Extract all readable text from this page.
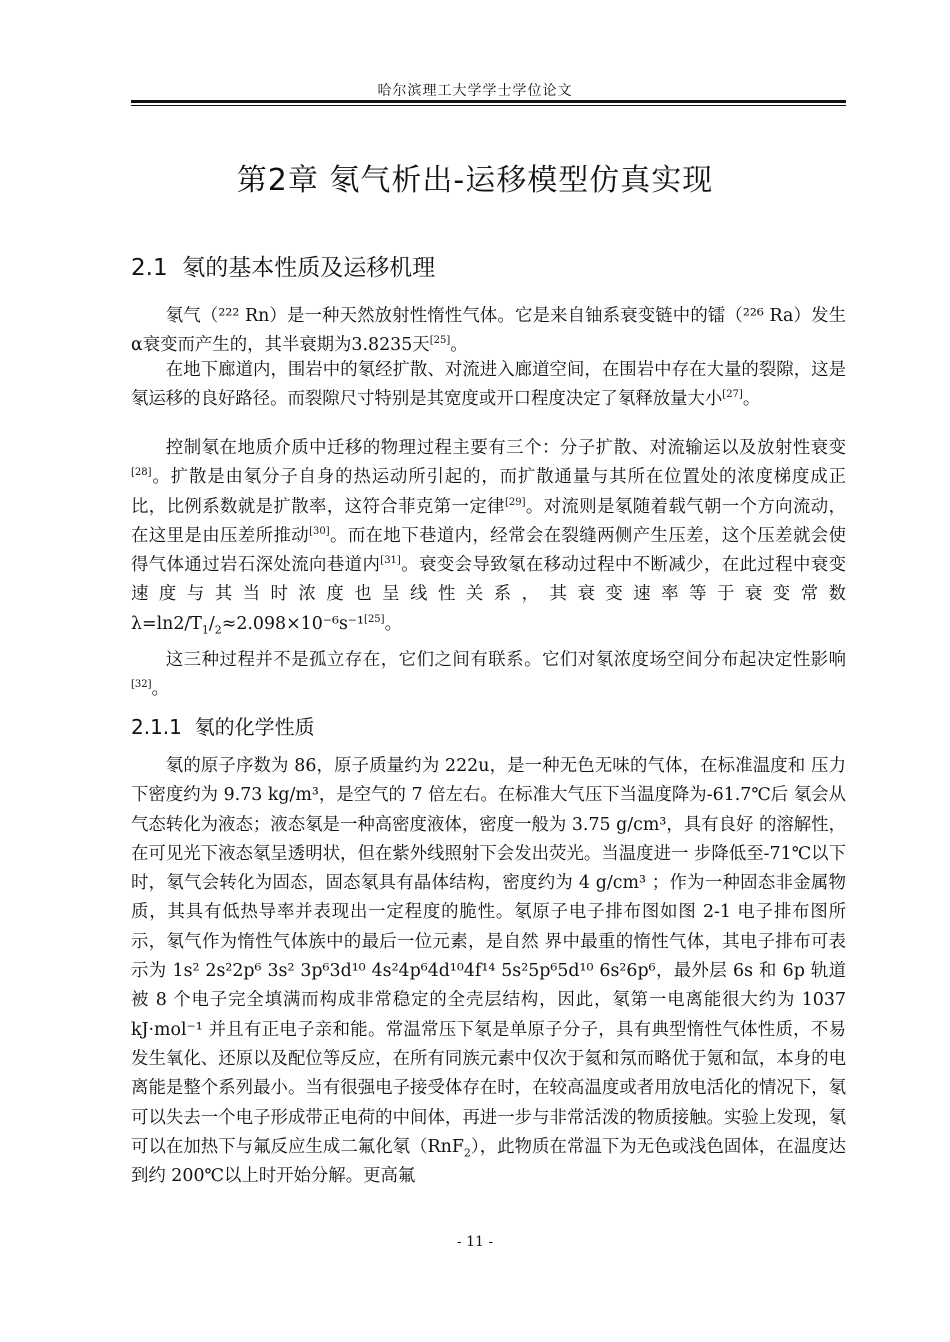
哈尔滨理工大学学士学位论文
第2章 氡气析出-运移模型仿真实现
2.1 氡的基本性质及运移机理

氡气（²²² Rn）是一种天然放射性惰性气体。它是来自铀系衰变链中的镭（²²⁶ Ra）发生α衰变而产生的，其半衰期为3.8235天[25]。

在地下廊道内，围岩中的氡经扩散、对流进入廊道空间，在围岩中存在大量的裂隙，这是氡运移的良好路径。而裂隙尺寸特别是其宽度或开口程度决定了氡释放量大小[27]。

控制氡在地质介质中迁移的物理过程主要有三个：分子扩散、对流输运以及放射性衰变[28]。扩散是由氡分子自身的热运动所引起的，而扩散通量与其所在位置处的浓度梯度成正比，比例系数就是扩散率，这符合菲克第一定律[29]。对流则是氡随着载气朝一个方向流动，在这里是由压差所推动[30]。而在地下巷道内，经常会在裂缝两侧产生压差，这个压差就会使得气体通过岩石深处流向巷道内[31]。衰变会导致氡在移动过程中不断减少，在此过程中衰变速度与其当时浓度也呈线性关系，其衰变速率等于衰变常数 $\lambda=\ln 2/T_1/_2\approx 2.098\times 10^{-6}s^{-1}[25]$。

这三种过程并不是孤立存在，它们之间有联系。它们对氡浓度场空间分布起决定性影响[32]。

2.1.1 氡的化学性质

氡的原子序数为 86，原子质量约为 222u，是一种无色无味的气体，在标准温度和 压力下密度约为 9.73 kg/m³，是空气的 7 倍左右。在标准大气压下当温度降为-61.7℃后 氡会从气态转化为液态；液态氡是一种高密度液体，密度一般为 3.75 g/cm³，具有良好 的溶解性，在可见光下液态氡呈透明状，但在紫外线照射下会发出荧光。当温度进一 步降低至-71℃以下时，氡气会转化为固态，固态氡具有晶体结构，密度约为 4 g/cm³ ；作为一种固态非金属物质，其具有低热导率并表现出一定程度的脆性。氡原子电子排布图如图 2-1 电子排布图所示，氡气作为惰性气体族中的最后一位元素，是自然 界中最重的惰性气体，其电子排布可表示为 1s² 2s²2p⁶ 3s² 3p⁶3d¹⁰ 4s²4p⁶4d¹⁰4f¹⁴ 5s²5p⁶5d¹⁰ 6s²6p⁶，最外层 6s 和 6p 轨道被 8 个电子完全填满而构成非常稳定的全壳层结构，因此，氡第一电离能很大约为 1037 kJ·mol⁻¹ 并且有正电子亲和能。常温常压下氡是单原子分子，具有典型惰性气体性质，不易发生氧化、还原以及配位等反应，在所有同族元素中仅次于氦和氖而略优于氪和氙，本身的电离能是整个系列最小。当有很强电子接受体存在时，在较高温度或者用放电活化的情况下，氡可以失去一个电子形成带正电荷的中间体，再进一步与非常活泼的物质接触。实验上发现，氡可以在加热下与氟反应生成二氟化氡（RnF$_2$），此物质在常温下为无色或浅色固体，在温度达到约 200℃以上时开始分解。更高氟

- 11 -
